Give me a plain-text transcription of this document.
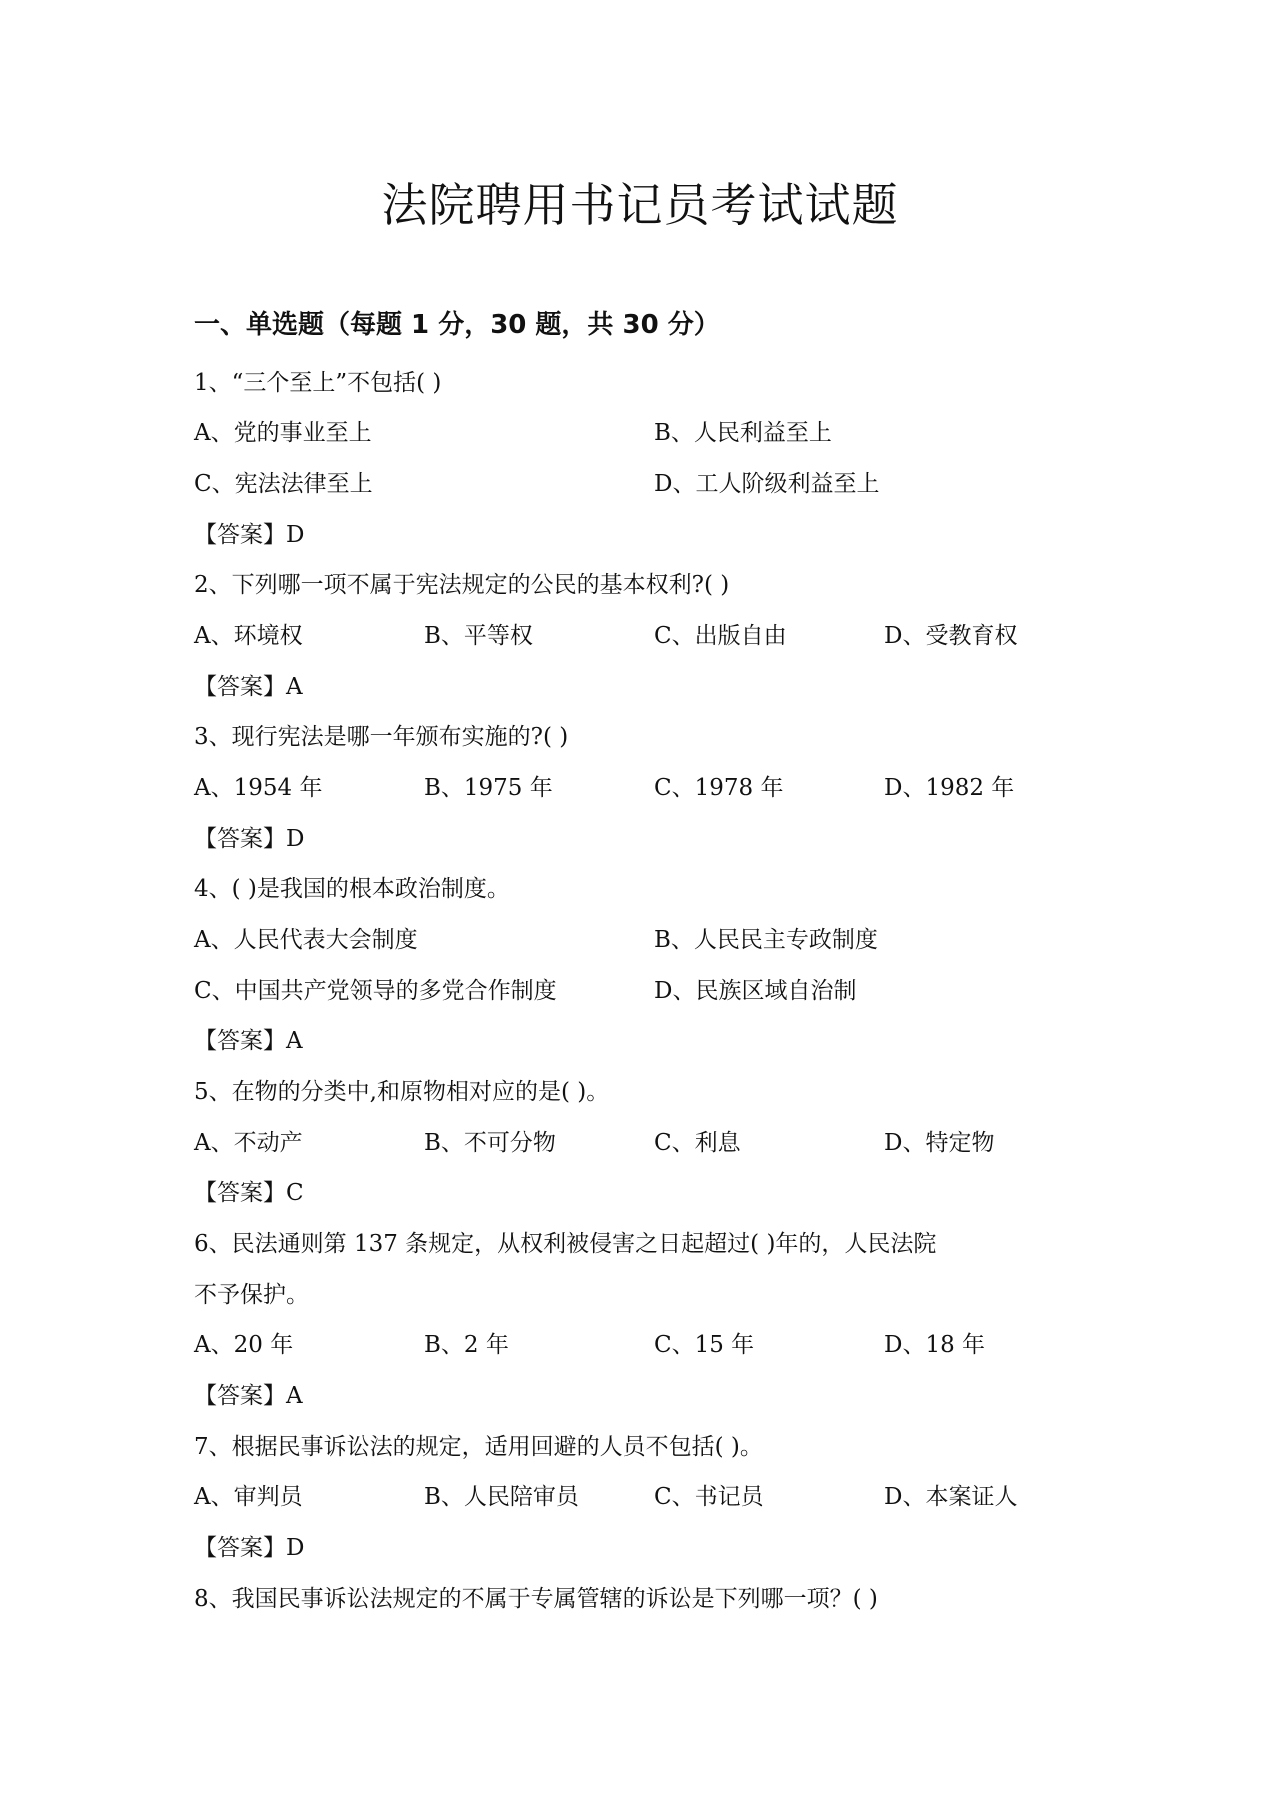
法院聘用书记员考试试题
一、单选题（每题 1 分，30 题，共 30 分）
1、“三个至上”不包括( )
A、党的事业至上	B、人民利益至上
C、宪法法律至上	D、工人阶级利益至上
【答案】D
2、下列哪一项不属于宪法规定的公民的基本权利?( )
A、环境权	B、平等权	C、出版自由	D、受教育权
【答案】A
3、现行宪法是哪一年颁布实施的?( )
A、1954 年	B、1975 年	C、1978 年	D、1982 年
【答案】D
4、( )是我国的根本政治制度。
A、人民代表大会制度	B、人民民主专政制度
C、中国共产党领导的多党合作制度	D、民族区域自治制
【答案】A
5、在物的分类中,和原物相对应的是( )。
A、不动产	B、不可分物	C、利息	D、特定物
【答案】C
6、民法通则第 137 条规定，从权利被侵害之日起超过( )年的，人民法院
不予保护。
A、20 年	B、2 年	C、15 年	D、18 年
【答案】A
7、根据民事诉讼法的规定，适用回避的人员不包括( )。
A、审判员	B、人民陪审员	C、书记员	D、本案证人
【答案】D
8、我国民事诉讼法规定的不属于专属管辖的诉讼是下列哪一项？( )
